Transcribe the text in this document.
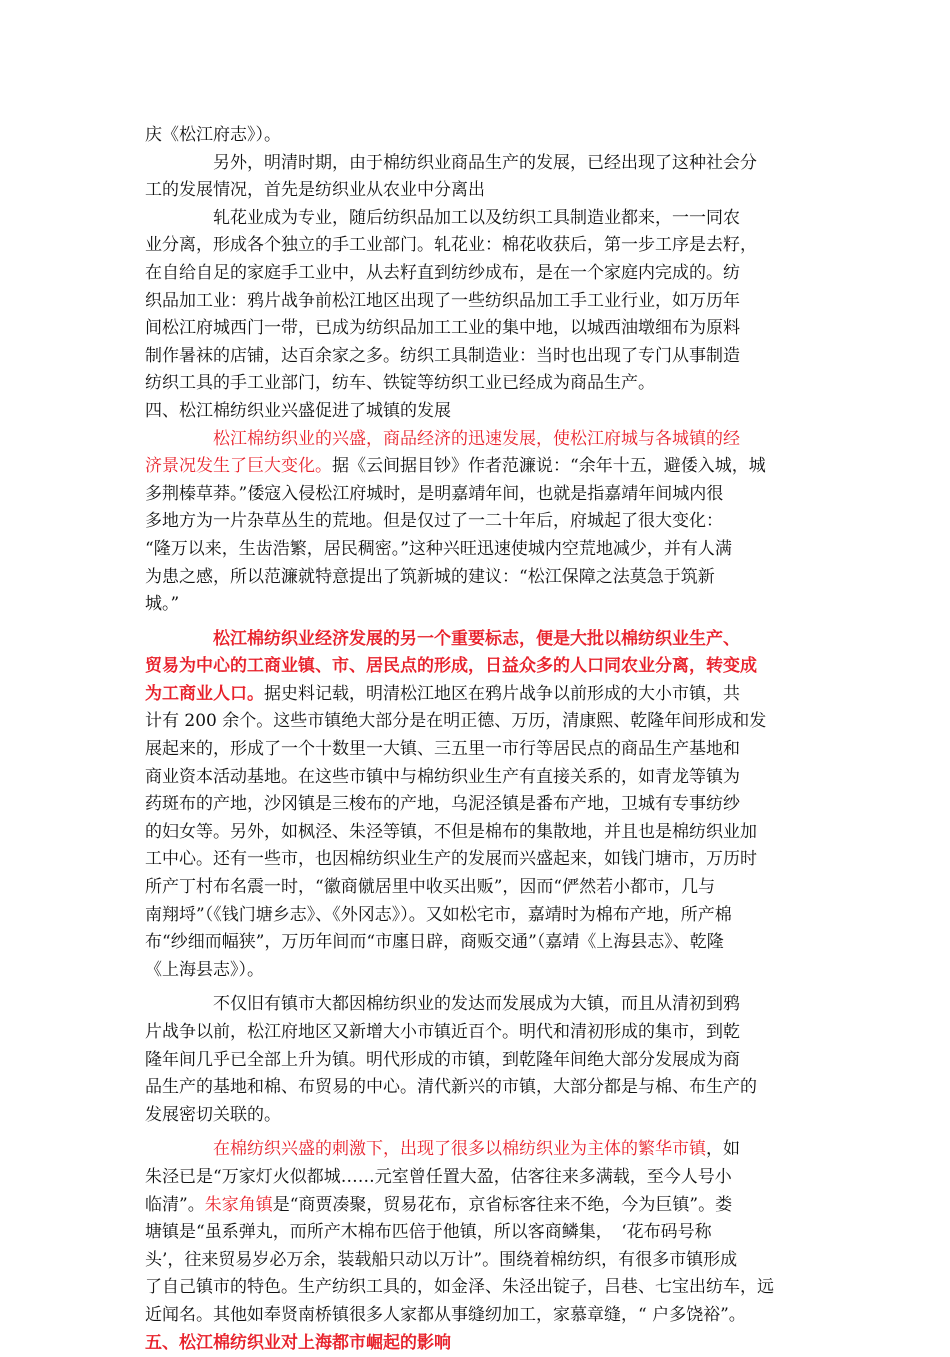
庆《松江府志》）。
另外，明清时期，由于棉纺织业商品生产的发展，已经出现了这种社会分
工的发展情况，首先是纺织业从农业中分离出
轧花业成为专业，随后纺织品加工以及纺织工具制造业都来，一一同农
业分离，形成各个独立的手工业部门。轧花业：棉花收获后，第一步工序是去籽，
在自给自足的家庭手工业中，从去籽直到纺纱成布，是在一个家庭内完成的。纺
织品加工业：鸦片战争前松江地区出现了一些纺织品加工手工业行业，如万历年
间松江府城西门一带，已成为纺织品加工工业的集中地，以城西油墩细布为原料
制作暑袜的店铺，达百余家之多。纺织工具制造业：当时也出现了专门从事制造
纺织工具的手工业部门，纺车、铁锭等纺织工业已经成为商品生产。
四、松江棉纺织业兴盛促进了城镇的发展
松江棉纺织业的兴盛，商品经济的迅速发展，使松江府城与各城镇的经
济景况发生了巨大变化。据《云间据目钞》作者范濂说：“余年十五，避倭入城，城
多荆榛草莽。”倭寇入侵松江府城时，是明嘉靖年间，也就是指嘉靖年间城内很
多地方为一片杂草丛生的荒地。但是仅过了一二十年后，府城起了很大变化：
“隆万以来，生齿浩繁，居民稠密。”这种兴旺迅速使城内空荒地减少，并有人满
为患之感，所以范濂就特意提出了筑新城的建议：“松江保障之法莫急于筑新
城。”
松江棉纺织业经济发展的另一个重要标志，便是大批以棉纺织业生产、
贸易为中心的工商业镇、市、居民点的形成，日益众多的人口同农业分离，转变成
为工商业人口。据史料记载，明清松江地区在鸦片战争以前形成的大小市镇，共
计有 200 余个。这些市镇绝大部分是在明正德、万历，清康熙、乾隆年间形成和发
展起来的，形成了一个十数里一大镇、三五里一市行等居民点的商品生产基地和
商业资本活动基地。在这些市镇中与棉纺织业生产有直接关系的，如青龙等镇为
药斑布的产地，沙冈镇是三梭布的产地，乌泥泾镇是番布产地，卫城有专事纺纱
的妇女等。另外，如枫泾、朱泾等镇，不但是棉布的集散地，并且也是棉纺织业加
工中心。还有一些市，也因棉纺织业生产的发展而兴盛起来，如钱门塘市，万历时
所产丁村布名震一时，“徽商僦居里中收买出贩”，因而“俨然若小都市，几与
南翔埒”（《钱门塘乡志》、《外冈志》）。又如松宅市，嘉靖时为棉布产地，所产棉
布“纱细而幅狭”，万历年间而“市廛日辟，商贩交通”（嘉靖《上海县志》、乾隆
《上海县志》）。
不仅旧有镇市大都因棉纺织业的发达而发展成为大镇，而且从清初到鸦
片战争以前，松江府地区又新增大小市镇近百个。明代和清初形成的集市，到乾
隆年间几乎已全部上升为镇。明代形成的市镇，到乾隆年间绝大部分发展成为商
品生产的基地和棉、布贸易的中心。清代新兴的市镇，大部分都是与棉、布生产的
发展密切关联的。
在棉纺织兴盛的刺激下，出现了很多以棉纺织业为主体的繁华市镇，如
朱泾已是“万家灯火似都城……元室曾任置大盈，估客往来多满载，至今人号小
临清”。朱家角镇是“商贾凑聚，贸易花布，京省标客往来不绝，今为巨镇”。娄
塘镇是“虽系弹丸，而所产木棉布匹倍于他镇，所以客商鳞集，　‘花布码号称
头’，往来贸易岁必万余，装载船只动以万计”。围绕着棉纺织，有很多市镇形成
了自己镇市的特色。生产纺织工具的，如金泽、朱泾出锭子，吕巷、七宝出纺车，远
近闻名。其他如奉贤南桥镇很多人家都从事缝纫加工，家慕章缝，“ 户多饶裕”。
五、松江棉纺织业对上海都市崛起的影响
